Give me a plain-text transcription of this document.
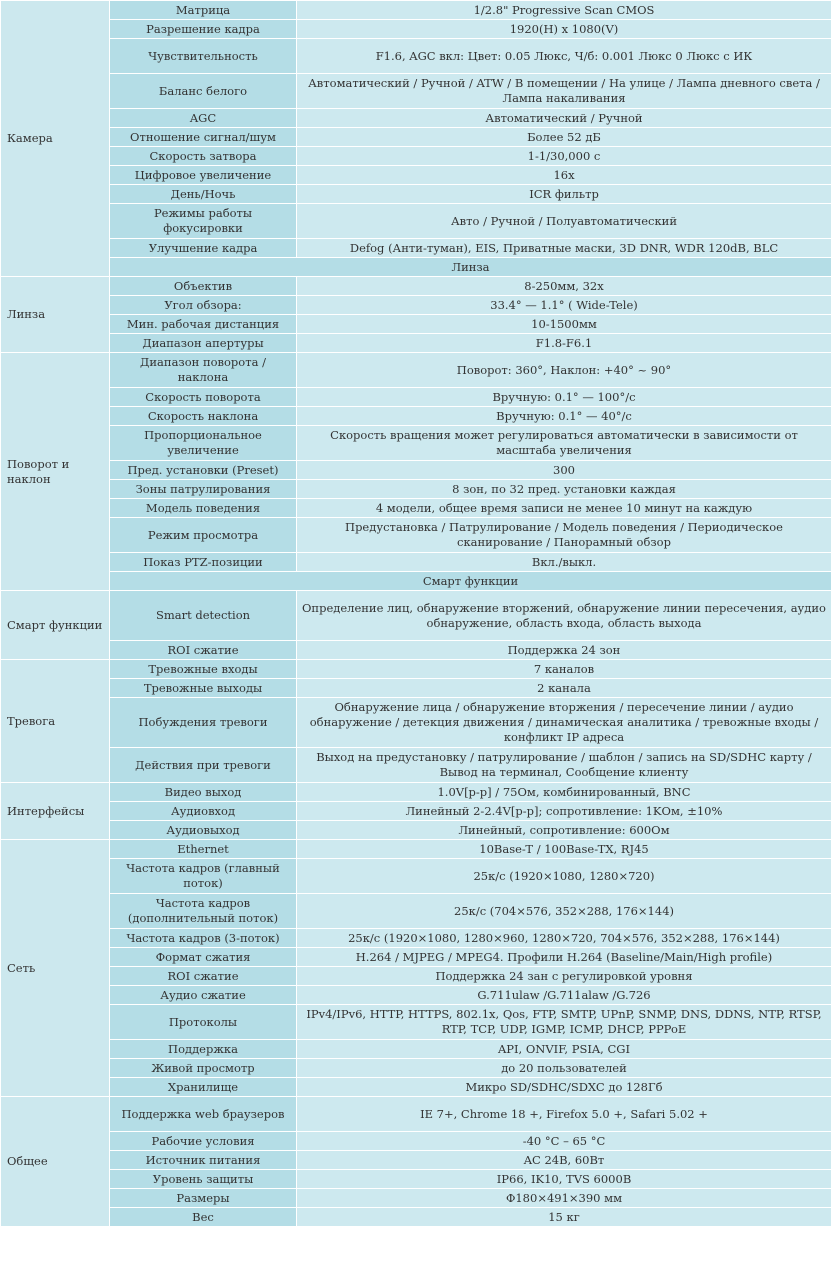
Камера	Матрица	1/2.8" Progressive Scan CMOS
	Разрешение кадра	1920(H) x 1080(V)
	Чувствительность	F1.6, AGC вкл: Цвет: 0.05 Люкс, Ч/б: 0.001 Люкс 0 Люкс с ИК
	Баланс белого	Автоматический / Ручной / ATW / В помещении / На улице / Лампа дневного света / Лампа накаливания
	AGC	Автоматический / Ручной
	Отношение сигнал/шум	Более 52 дБ
	Скорость затвора	1-1/30,000 с
	Цифровое увеличение	16x
	День/Ночь	ICR фильтр
	Режимы работы фокусировки	Авто / Ручной / Полуавтоматический
	Улучшение кадра	Defog (Анти-туман), EIS, Приватные маски, 3D DNR, WDR 120dB, BLC
	Линза	
Линза	Объектив	8-250мм, 32x
	Угол обзора:	33.4° — 1.1° ( Wide-Tele)
	Мин. рабочая дистанция	10-1500мм
	Диапазон апертуры	F1.8-F6.1
Поворот и наклон	Диапазон поворота / наклона	Поворот: 360°, Наклон: +40° ~ 90°
	Скорость поворота	Вручную: 0.1° — 100°/с
	Скорость наклона	Вручную: 0.1° — 40°/с
	Пропорциональное увеличение	Скорость вращения может регулироваться автоматически в зависимости от масштаба увеличения
	Пред. установки (Preset)	300
	Зоны патрулирования	8 зон, по 32 пред. установки каждая
	Модель поведения	4 модели, общее время записи не менее 10 минут на каждую
	Режим просмотра	Предустановка / Патрулирование / Модель поведения / Периодическое сканирование / Панорамный обзор
	Показ PTZ-позиции	Вкл./выкл.
	Смарт функции	
Смарт функции	Smart detection	Определение лиц, обнаружение вторжений, обнаружение линии пересечения, аудио обнаружение, область входа, область выхода
	ROI сжатие	Поддержка 24 зон
Тревога	Тревожные входы	7 каналов
	Тревожные выходы	2 канала
	Побуждения тревоги	Обнаружение лица / обнаружение вторжения / пересечение линии / аудио обнаружение / детекция движения / динамическая аналитика / тревожные входы / конфликт IP адреса
	Действия при тревоги	Выход на предустановку / патрулирование / шаблон / запись на SD/SDHC карту / Вывод на терминал, Сообщение клиенту
Интерфейсы	Видео выход	1.0V[p-p] / 75Ом, комбинированный, BNC
	Аудиовход	Линейный 2-2.4V[p-p]; сопротивление: 1KОм, ±10%
	Аудиовыход	Линейный, сопротивление: 600Ом
Сеть	Ethernet	10Base-T / 100Base-TX, RJ45
	Частота кадров (главный поток)	25к/с (1920×1080, 1280×720)
	Частота кадров (дополнительный поток)	25к/с (704×576, 352×288, 176×144)
	Частота кадров (3-поток)	25к/с (1920×1080, 1280×960, 1280×720, 704×576, 352×288, 176×144)
	Формат сжатия	H.264 / MJPEG / MPEG4. Профили H.264 (Baseline/Main/High profile)
	ROI сжатие	Поддержка 24 зан с регулировкой уровня
	Аудио сжатие	G.711ulaw /G.711alaw /G.726
	Протоколы	IPv4/IPv6, HTTP, HTTPS, 802.1x, Qos, FTP, SMTP, UPnP, SNMP, DNS, DDNS, NTP, RTSP, RTP, TCP, UDP, IGMP, ICMP, DHCP, PPPoE
	Поддержка	API, ONVIF, PSIA, CGI
	Живой просмотр	до 20 пользователей
	Хранилище	Микро SD/SDHC/SDXC до 128Гб
Общее	Поддержка web браузеров	IE 7+, Chrome 18 +, Firefox 5.0 +, Safari 5.02 +
	Рабочие условия	-40 °C – 65 °C
	Источник питания	AC 24В, 60Вт
	Уровень защиты	IP66, IK10, TVS 6000В
	Размеры	Φ180×491×390 мм
	Вес	15 кг
